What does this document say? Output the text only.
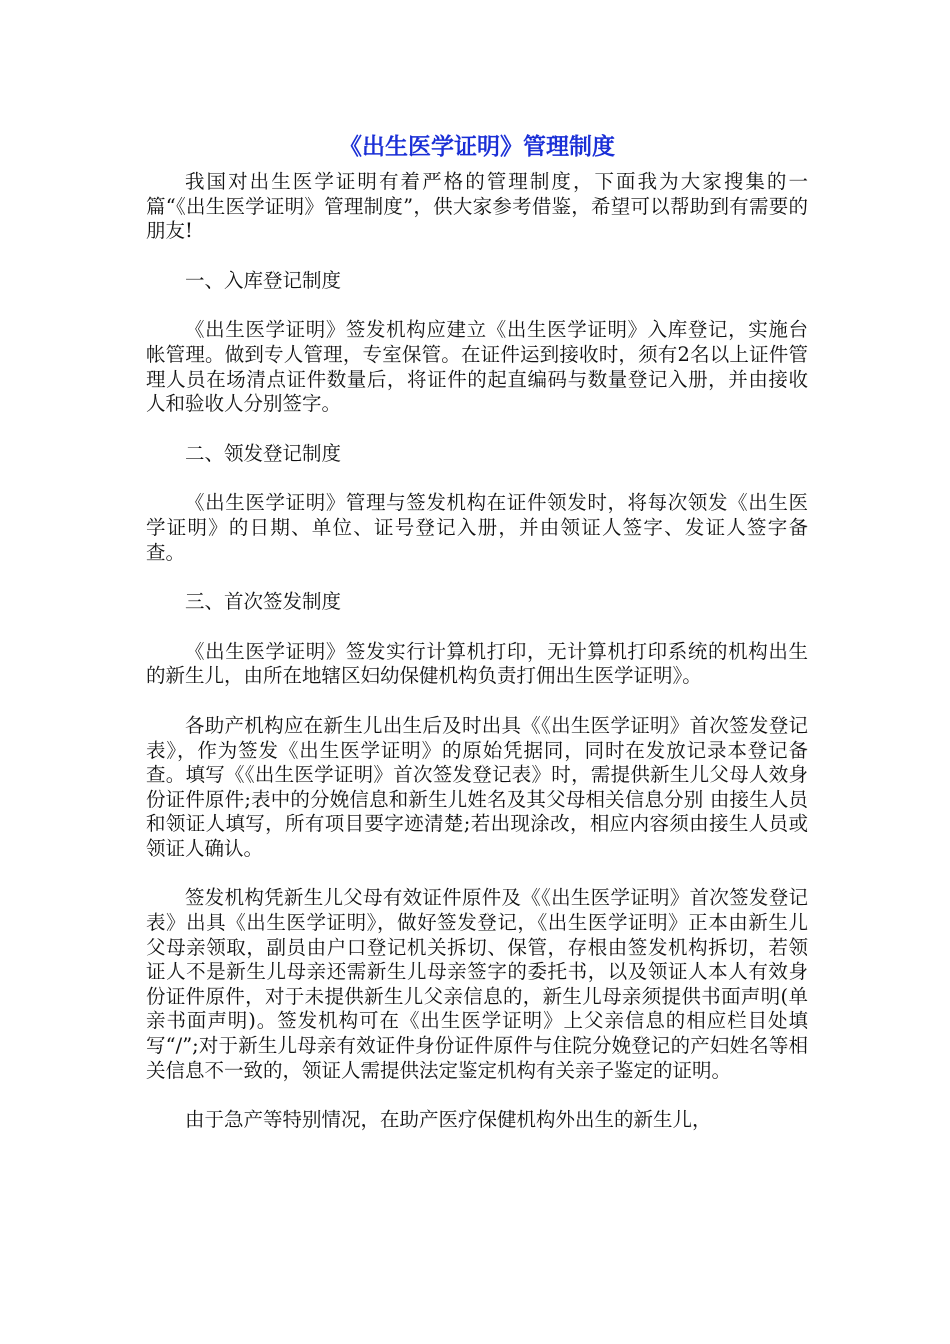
《出生医学证明》管理制度

我国对出生医学证明有着严格的管理制度，下面我为大家搜集的一篇“《出生医学证明》管理制度”，供大家参考借鉴，希望可以帮助到有需要的朋友!

一、入库登记制度

《出生医学证明》签发机构应建立《出生医学证明》入库登记，实施台帐管理。做到专人管理，专室保管。在证件运到接收时，须有2名以上证件管理人员在场清点证件数量后，将证件的起直编码与数量登记入册，并由接收人和验收人分别签字。

二、领发登记制度

《出生医学证明》管理与签发机构在证件领发时，将每次领发《出生医学证明》的日期、单位、证号登记入册，并由领证人签字、发证人签字备查。

三、首次签发制度

《出生医学证明》签发实行计算机打印，无计算机打印系统的机构出生的新生儿，由所在地辖区妇幼保健机构负责打佣出生医学证明》。

各助产机构应在新生儿出生后及时出具《《出生医学证明》首次签发登记表》，作为签发《出生医学证明》的原始凭据同，同时在发放记录本登记备查。填写《《出生医学证明》首次签发登记表》时，需提供新生儿父母人效身份证件原件;表中的分娩信息和新生儿姓名及其父母相关信息分别 由接生人员和领证人填写，所有项目要字迹清楚;若出现涂改，相应内容须由接生人员或领证人确认。

签发机构凭新生儿父母有效证件原件及《《出生医学证明》首次签发登记表》出具《出生医学证明》，做好签发登记，《出生医学证明》正本由新生儿父母亲领取，副员由户口登记机关拆切、保管，存根由签发机构拆切，若领证人不是新生儿母亲还需新生儿母亲签字的委托书，以及领证人本人有效身份证件原件，对于未提供新生儿父亲信息的，新生儿母亲须提供书面声明(单亲书面声明)。签发机构可在《出生医学证明》上父亲信息的相应栏目处填写“/”;对于新生儿母亲有效证件身份证件原件与住院分娩登记的产妇姓名等相关信息不一致的，领证人需提供法定鉴定机构有关亲子鉴定的证明。

由于急产等特别情况，在助产医疗保健机构外出生的新生儿，
